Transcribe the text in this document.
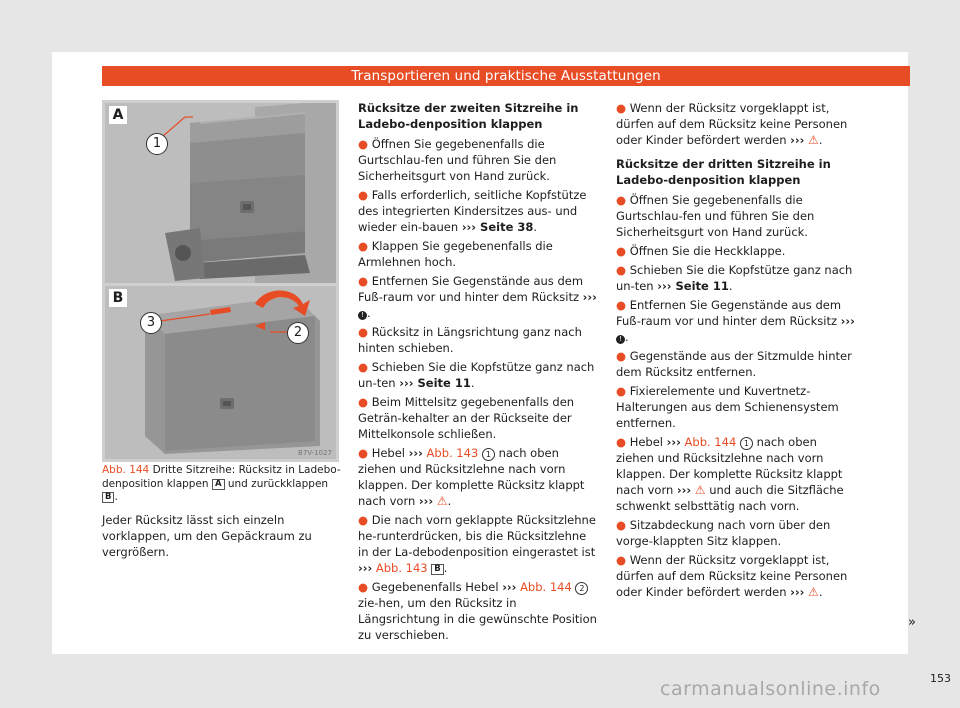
Transportieren und praktische Ausstattungen
A
1
B
3
2
B7V-1027
Abb. 144 Dritte Sitzreihe: Rücksitz in Ladebo-denposition klappen A und zurückklappen B .
Jeder Rücksitz lässt sich einzeln vorklappen, um den Gepäckraum zu vergrößern.
Rücksitze der zweiten Sitzreihe in Ladebo-denposition klappen

● Öffnen Sie gegebenenfalls die Gurtschlau-fen und führen Sie den Sicherheitsgurt von Hand zurück.

● Falls erforderlich, seitliche Kopfstütze des integrierten Kindersitzes aus- und wieder ein-bauen ››› Seite 38.

● Klappen Sie gegebenenfalls die Armlehnen hoch.

● Entfernen Sie Gegenstände aus dem Fuß-raum vor und hinter dem Rücksitz ››› ! .

● Rücksitz in Längsrichtung ganz nach hinten schieben.

● Schieben Sie die Kopfstütze ganz nach un-ten ››› Seite 11.

● Beim Mittelsitz gegebenenfalls den Geträn-kehalter an der Rückseite der Mittelkonsole schließen.

● Hebel ››› Abb. 143 1 nach oben ziehen und Rücksitzlehne nach vorn klappen. Der komplette Rücksitz klappt nach vorn ››› ⚠.

● Die nach vorn geklappte Rücksitzlehne he-runterdrücken, bis die Rücksitzlehne in der La-debodenposition eingerastet ist ››› Abb. 143 B .

● Gegebenenfalls Hebel ››› Abb. 144 2 zie-hen, um den Rücksitz in Längsrichtung in die gewünschte Position zu verschieben.

● Wenn der Rücksitz vorgeklappt ist, dürfen auf dem Rücksitz keine Personen oder Kinder befördert werden ››› ⚠.

Rücksitze der dritten Sitzreihe in Ladebo-denposition klappen

● Öffnen Sie gegebenenfalls die Gurtschlau-fen und führen Sie den Sicherheitsgurt von Hand zurück.

● Öffnen Sie die Heckklappe.

● Schieben Sie die Kopfstütze ganz nach un-ten ››› Seite 11.

● Entfernen Sie Gegenstände aus dem Fuß-raum vor und hinter dem Rücksitz ››› ! .

● Gegenstände aus der Sitzmulde hinter dem Rücksitz entfernen.

● Fixierelemente und Kuvertnetz-Halterungen aus dem Schienensystem entfernen.

● Hebel ››› Abb. 144 1 nach oben ziehen und Rücksitzlehne nach vorn klappen. Der komplette Rücksitz klappt nach vorn ››› ⚠ und auch die Sitzfläche schwenkt selbsttätig nach vorn.

● Sitzabdeckung nach vorn über den vorge-klappten Sitz klappen.

● Wenn der Rücksitz vorgeklappt ist, dürfen auf dem Rücksitz keine Personen oder Kinder befördert werden ››› ⚠.

»
153
carmanualsonline.info
